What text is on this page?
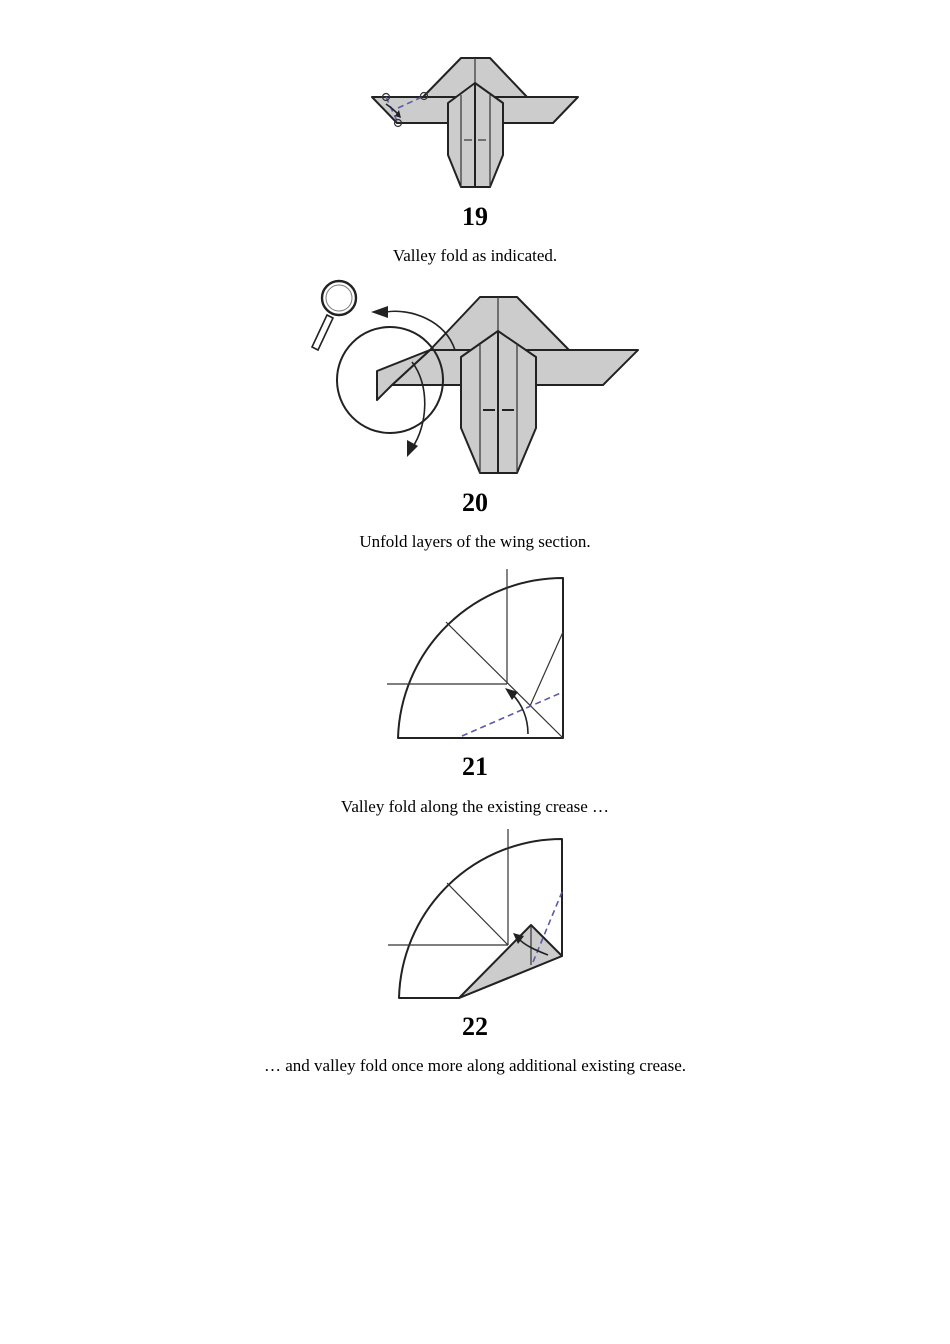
19
Valley fold as indicated.
20
Unfold layers of the wing section.
21
Valley fold along the existing crease …
22
… and valley fold once more along additional existing crease.
